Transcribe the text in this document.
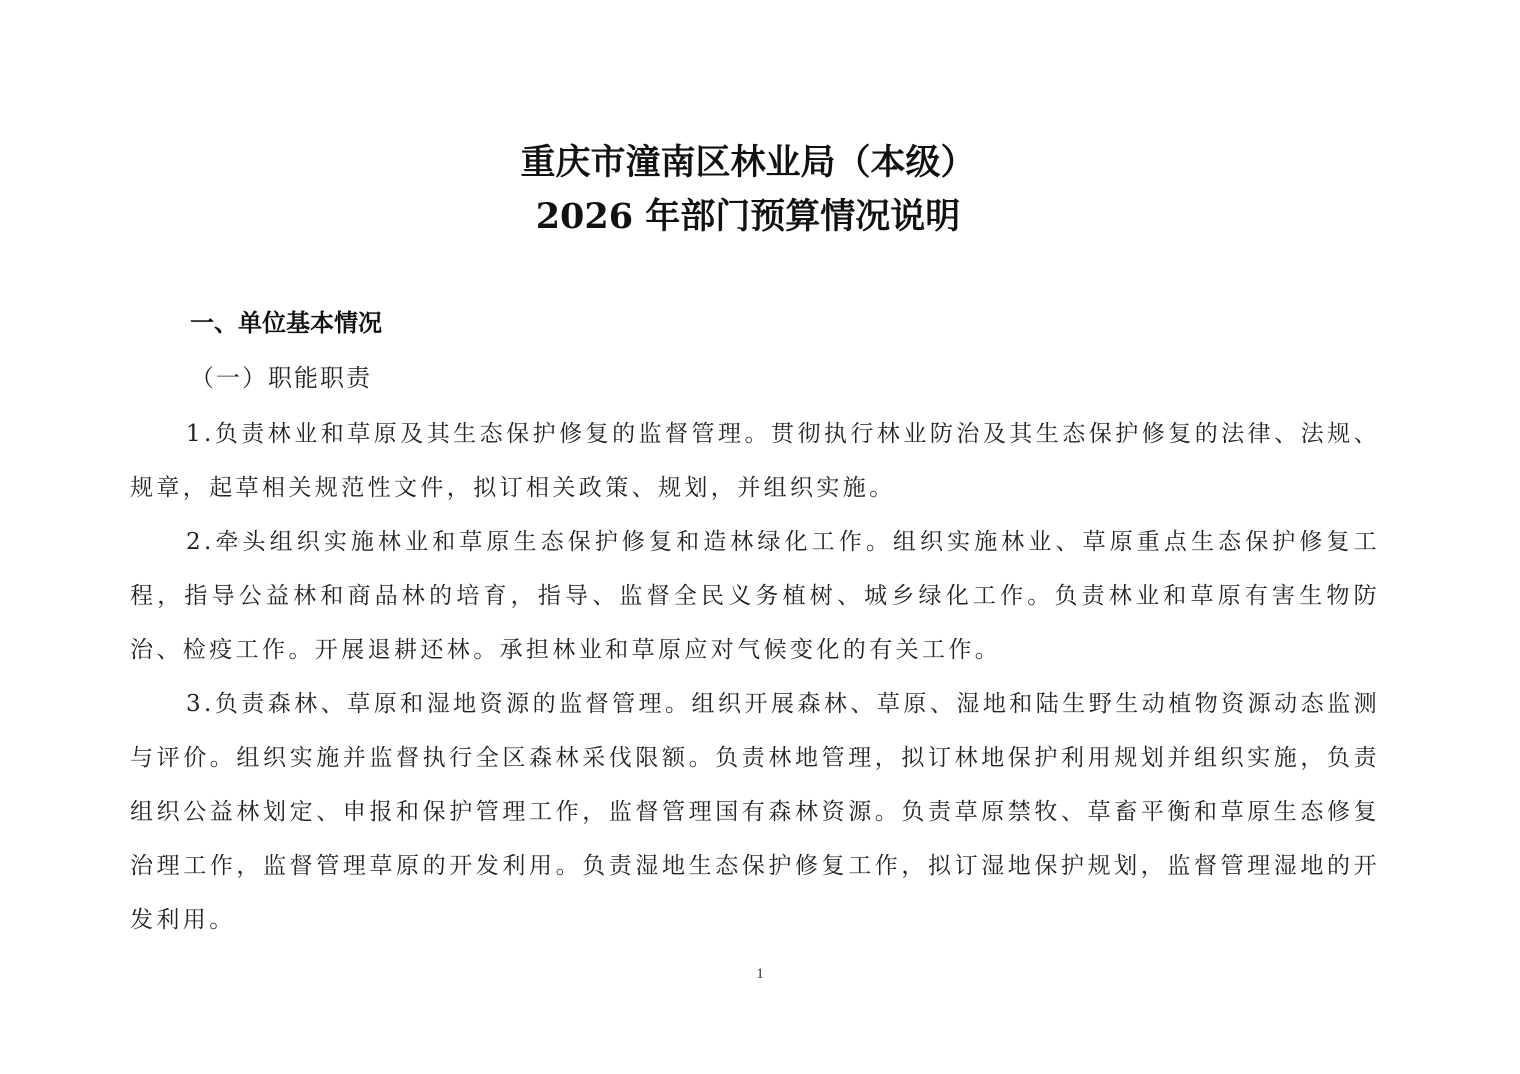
重庆市潼南区林业局（本级）
2026 年部门预算情况说明
一、单位基本情况
（一）职能职责

1.负责林业和草原及其生态保护修复的监督管理。贯彻执行林业防治及其生态保护修复的法律、法规、规章，起草相关规范性文件，拟订相关政策、规划，并组织实施。

2.牵头组织实施林业和草原生态保护修复和造林绿化工作。组织实施林业、草原重点生态保护修复工程，指导公益林和商品林的培育，指导、监督全民义务植树、城乡绿化工作。负责林业和草原有害生物防治、检疫工作。开展退耕还林。承担林业和草原应对气候变化的有关工作。

3.负责森林、草原和湿地资源的监督管理。组织开展森林、草原、湿地和陆生野生动植物资源动态监测与评价。组织实施并监督执行全区森林采伐限额。负责林地管理，拟订林地保护利用规划并组织实施，负责组织公益林划定、申报和保护管理工作，监督管理国有森林资源。负责草原禁牧、草畜平衡和草原生态修复治理工作，监督管理草原的开发利用。负责湿地生态保护修复工作，拟订湿地保护规划，监督管理湿地的开发利用。

1
